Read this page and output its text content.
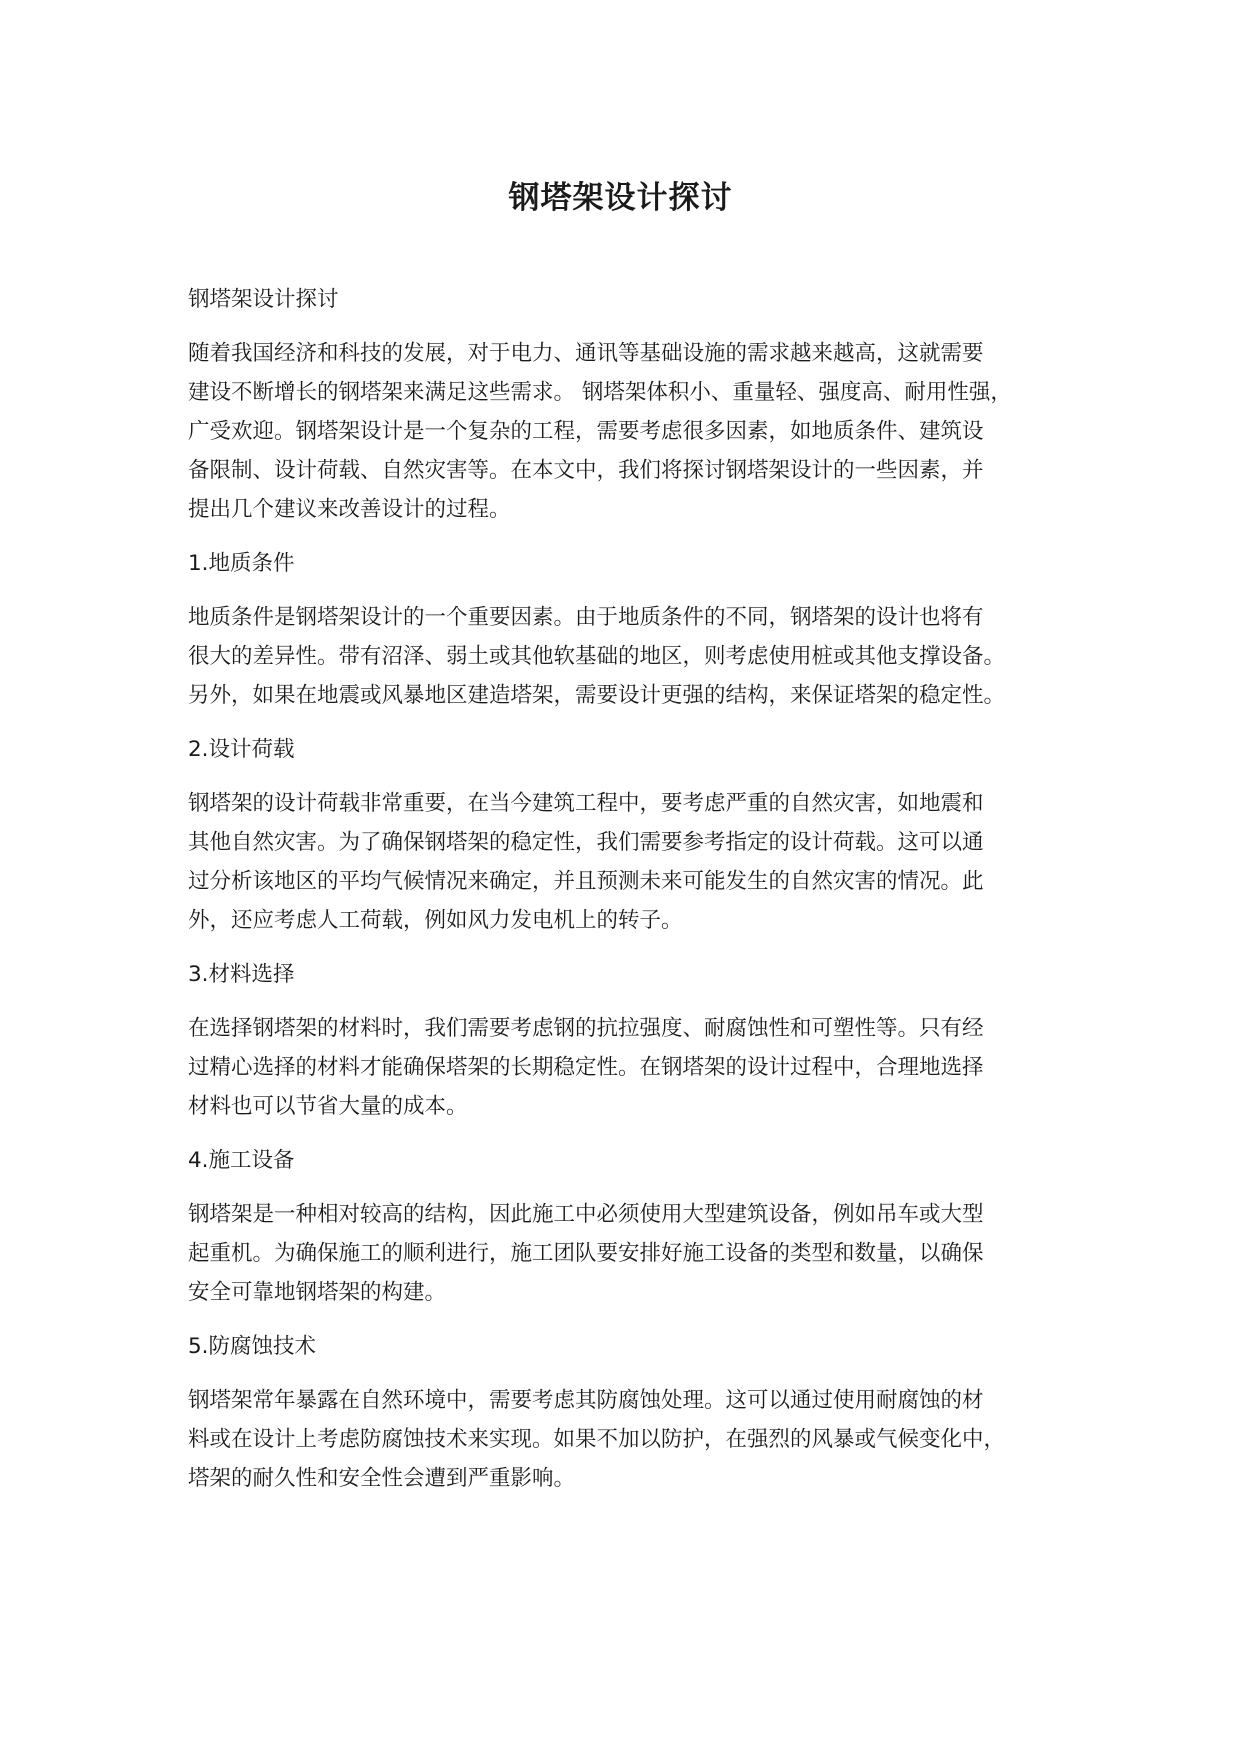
钢塔架设计探讨

钢塔架设计探讨

随着我国经济和科技的发展，对于电力、通讯等基础设施的需求越来越高，这就需要
建设不断增长的钢塔架来满足这些需求。 钢塔架体积小、重量轻、强度高、耐用性强，
广受欢迎。钢塔架设计是一个复杂的工程，需要考虑很多因素，如地质条件、建筑设
备限制、设计荷载、自然灾害等。在本文中，我们将探讨钢塔架设计的一些因素，并
提出几个建议来改善设计的过程。

1.地质条件

地质条件是钢塔架设计的一个重要因素。由于地质条件的不同，钢塔架的设计也将有
很大的差异性。带有沼泽、弱土或其他软基础的地区，则考虑使用桩或其他支撑设备。
另外，如果在地震或风暴地区建造塔架，需要设计更强的结构，来保证塔架的稳定性。

2.设计荷载

钢塔架的设计荷载非常重要，在当今建筑工程中，要考虑严重的自然灾害，如地震和
其他自然灾害。为了确保钢塔架的稳定性，我们需要参考指定的设计荷载。这可以通
过分析该地区的平均气候情况来确定，并且预测未来可能发生的自然灾害的情况。此
外，还应考虑人工荷载，例如风力发电机上的转子。

3.材料选择

在选择钢塔架的材料时，我们需要考虑钢的抗拉强度、耐腐蚀性和可塑性等。只有经
过精心选择的材料才能确保塔架的长期稳定性。在钢塔架的设计过程中，合理地选择
材料也可以节省大量的成本。

4.施工设备

钢塔架是一种相对较高的结构，因此施工中必须使用大型建筑设备，例如吊车或大型
起重机。为确保施工的顺利进行，施工团队要安排好施工设备的类型和数量，以确保
安全可靠地钢塔架的构建。

5.防腐蚀技术

钢塔架常年暴露在自然环境中，需要考虑其防腐蚀处理。这可以通过使用耐腐蚀的材
料或在设计上考虑防腐蚀技术来实现。如果不加以防护，在强烈的风暴或气候变化中，
塔架的耐久性和安全性会遭到严重影响。
